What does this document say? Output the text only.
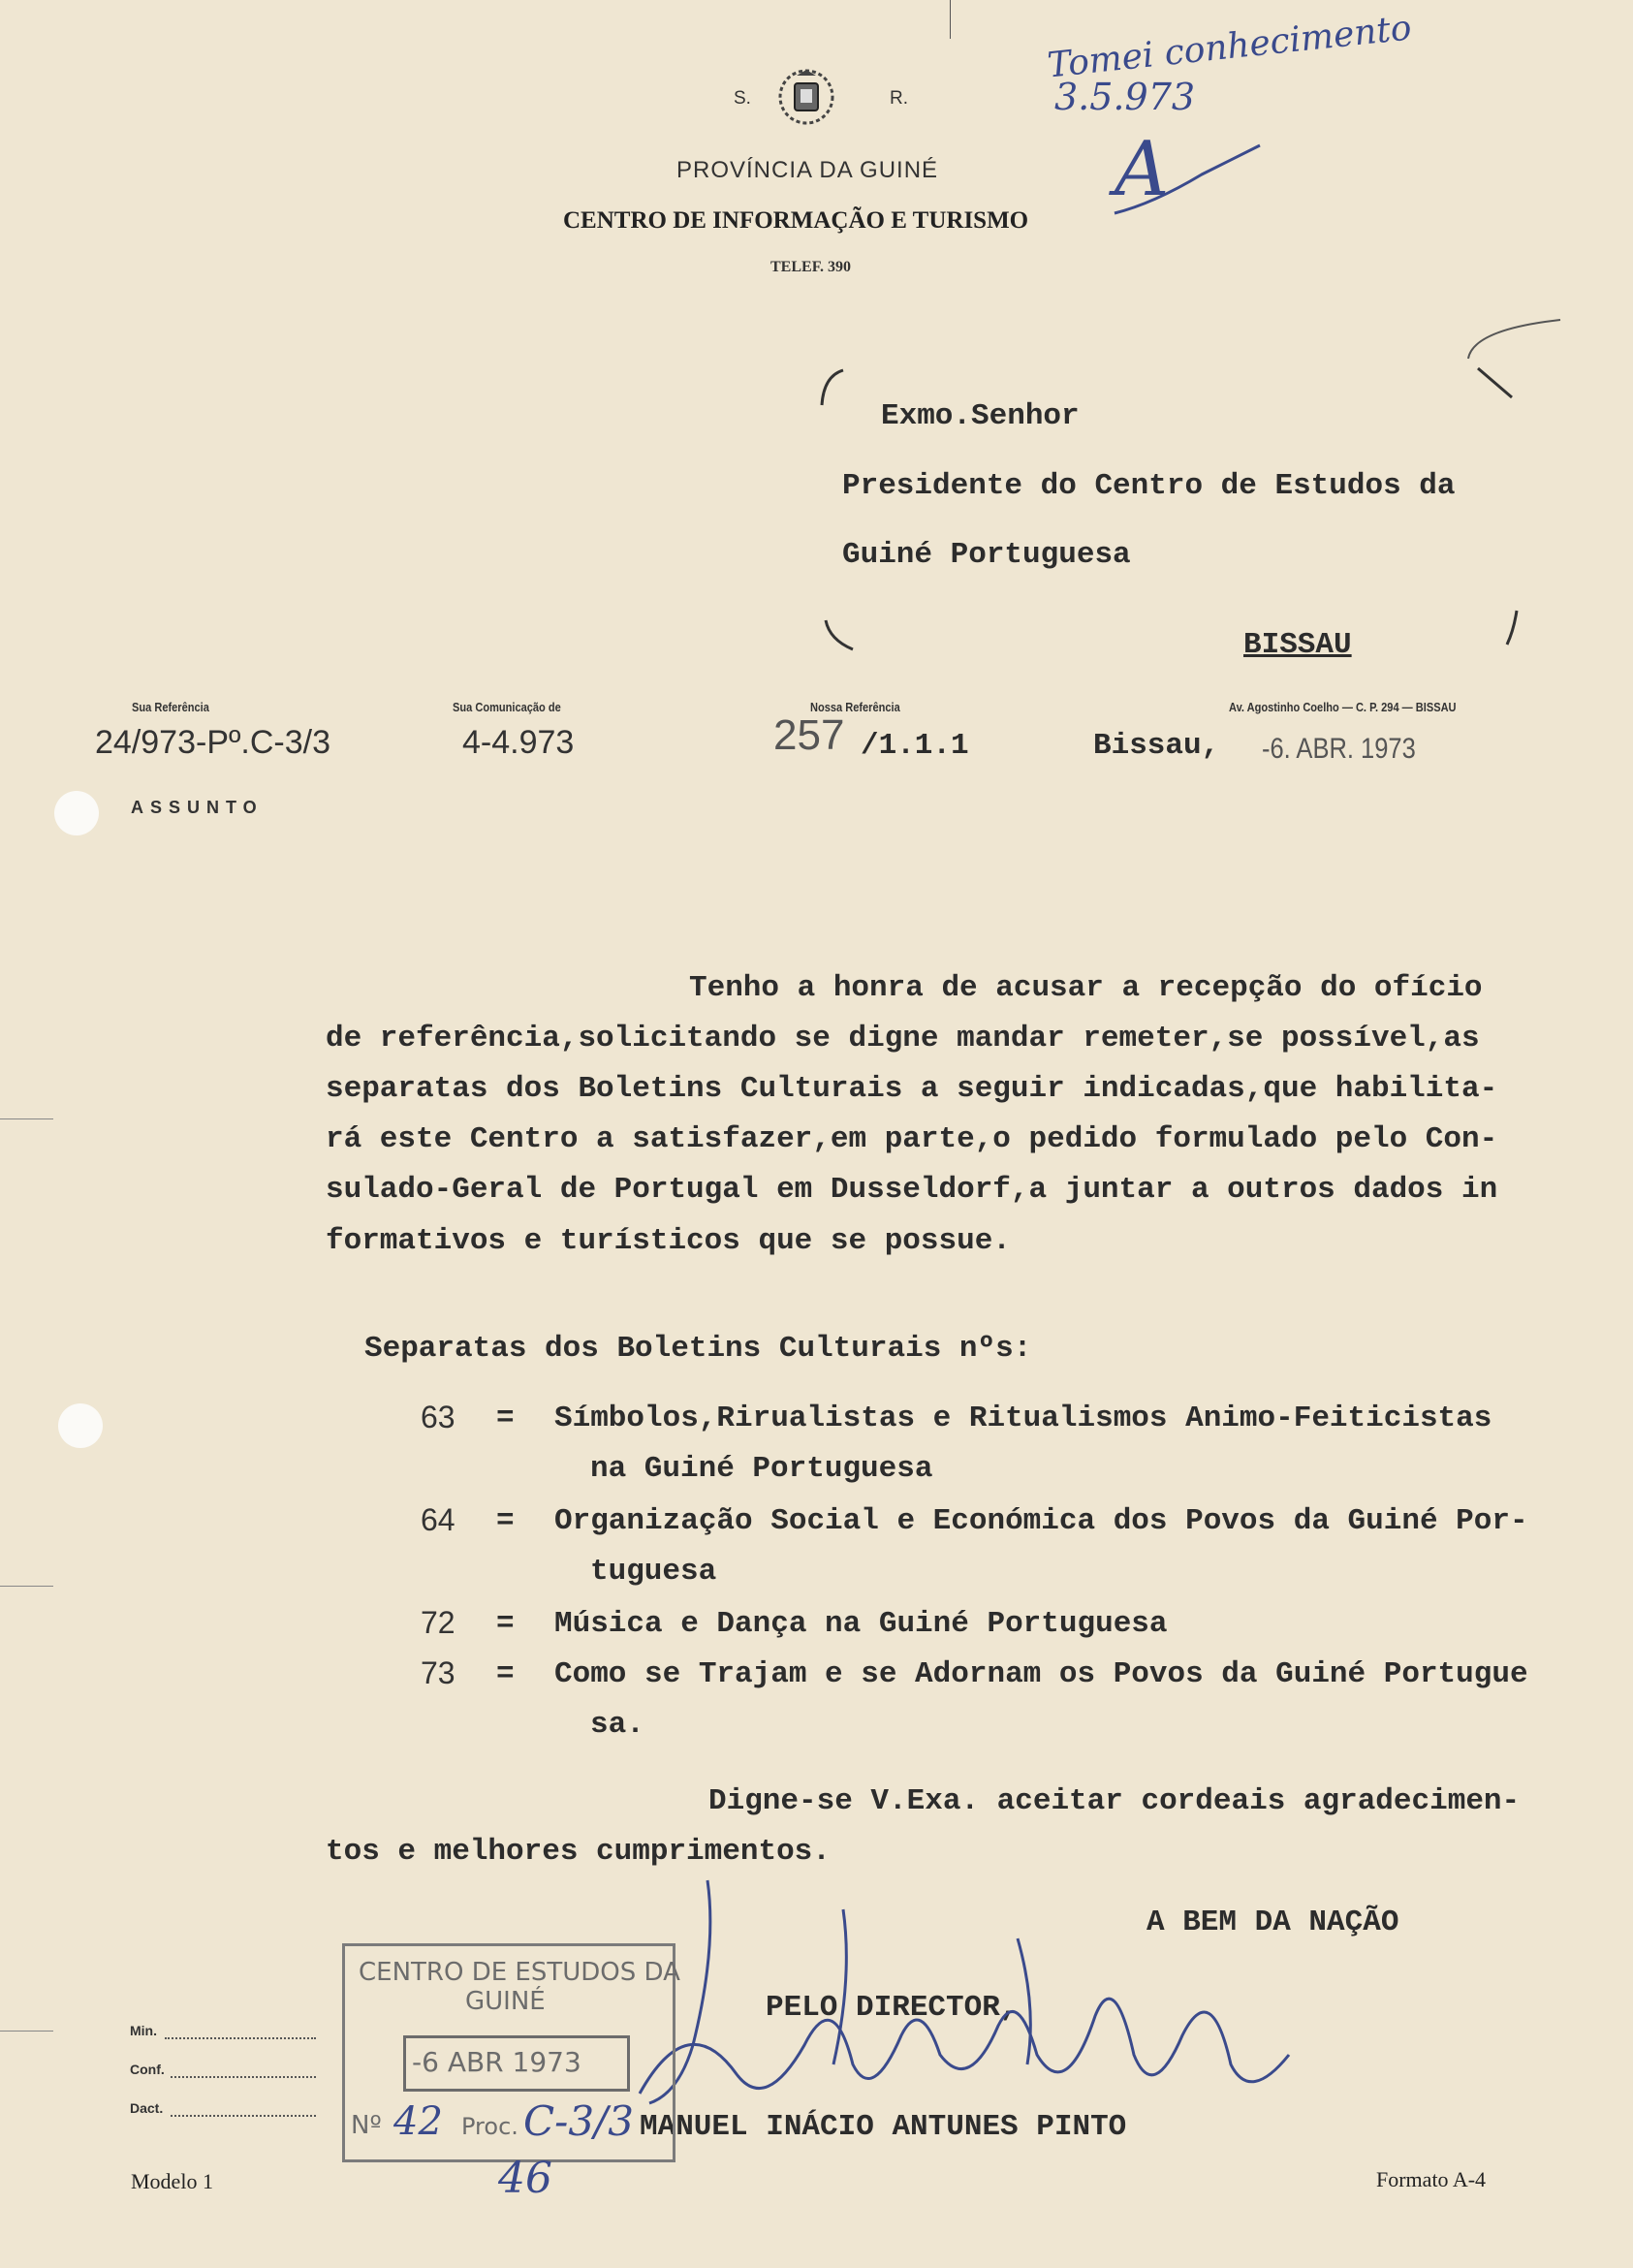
S.	R.
PROVÍNCIA DA GUINÉ
CENTRO DE INFORMAÇÃO E TURISMO
TELEF. 390
Tomei conhecimento
3.5.973
A
Exmo.Senhor
Presidente do Centro de Estudos da
Guiné Portuguesa
BISSAU
Sua Referência	Sua Comunicação de	Nossa Referência	Av. Agostinho Coelho — C. P. 294 — BISSAU
24/973-Pº.C-3/3	4-4.973	257 /1.1.1	Bissau, -6. ABR. 1973
ASSUNTO
Tenho a honra de acusar a recepção do ofício
de referência,solicitando se digne mandar remeter,se possível,as
separatas dos Boletins Culturais a seguir indicadas,que habilita-
rá este Centro a satisfazer,em parte,o pedido formulado pelo Con-
sulado-Geral de Portugal em Dusseldorf,a juntar a outros dados in
formativos e turísticos que se possue.
Separatas dos Boletins Culturais nºs:
63 = Símbolos,Rirualistas e Ritualismos Animo-Feiticistas
na Guiné Portuguesa
64 = Organização Social e Económica dos Povos da Guiné Por-
tuguesa
72 = Música e Dança na Guiné Portuguesa
73 = Como se Trajam e se Adornam os Povos da Guiné Portugue
sa.
Digne-se V.Exa. aceitar cordeais agradecimen-
tos e melhores cumprimentos.
A BEM DA NAÇÃO
PELO DIRECTOR,
MANUEL INÁCIO ANTUNES PINTO
CENTRO DE ESTUDOS DA
GUINÉ
-6 ABR 1973
Nº 42 Proc. C-3/3
46
Min.
Conf.
Dact.
Modelo 1	Formato A-4
